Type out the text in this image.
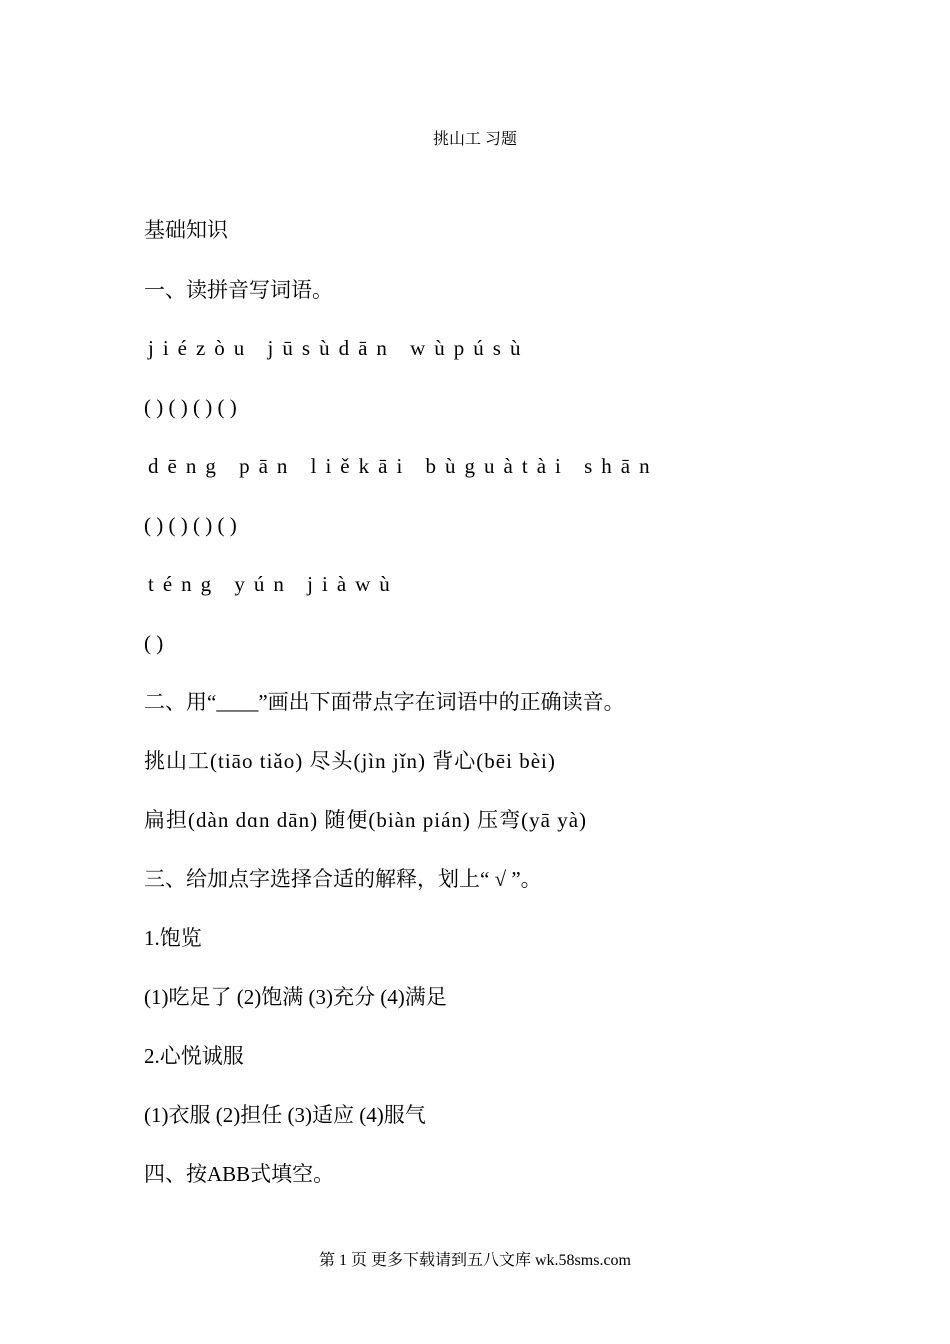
挑山工 习题
基础知识
一、读拼音写词语。
jiézòu jūsùdān wùpúsù
( ) ( ) ( ) ( )
dēng pān liěkāi bùguàtài shān
( ) ( ) ( ) ( )
téng yún jiàwù
( )
二、用“____”画出下面带点字在词语中的正确读音。
挑山工(tiāo tiǎo) 尽头(jìn jǐn) 背心(bēi bèi)
扁担(dàn dɑn dān) 随便(biàn pián) 压弯(yā yà)
三、给加点字选择合适的解释，划上“ √ ”。
1.饱览
(1)吃足了 (2)饱满 (3)充分 (4)满足
2.心悦诚服
(1)衣服 (2)担任 (3)适应 (4)服气
四、按ABB式填空。
第 1 页 更多下载请到五八文库 wk.58sms.com
